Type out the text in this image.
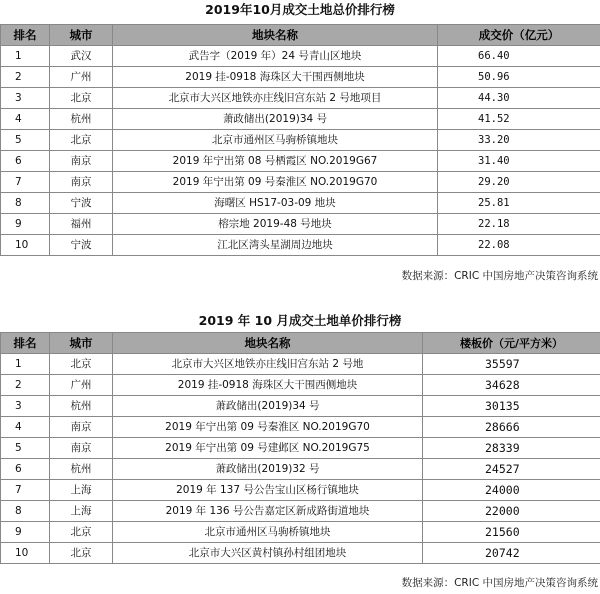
2019年10月成交土地总价排行榜
排名	城市	地块名称	成交价（亿元）
1	武汉	武告字（2019 年）24 号青山区地块	66.40
2	广州	2019 挂-0918 海珠区大干围西侧地块	50.96
3	北京	北京市大兴区地铁亦庄线旧宫东站 2 号地项目	44.30
4	杭州	萧政储出(2019)34 号	41.52
5	北京	北京市通州区马驹桥镇地块	33.20
6	南京	2019 年宁出第 08 号栖霞区 NO.2019G67	31.40
7	南京	2019 年宁出第 09 号秦淮区 NO.2019G70	29.20
8	宁波	海曙区 HS17-03-09 地块	25.81
9	福州	榕宗地 2019-48 号地块	22.18
10	宁波	江北区湾头星湖周边地块	22.08
数据来源：CRIC 中国房地产决策咨询系统
2019 年 10 月成交土地单价排行榜
排名	城市	地块名称	楼板价（元/平方米）
1	北京	北京市大兴区地铁亦庄线旧宫东站 2 号地	35597
2	广州	2019 挂-0918 海珠区大干围西侧地块	34628
3	杭州	萧政储出(2019)34 号	30135
4	南京	2019 年宁出第 09 号秦淮区 NO.2019G70	28666
5	南京	2019 年宁出第 09 号建邺区 NO.2019G75	28339
6	杭州	萧政储出(2019)32 号	24527
7	上海	2019 年 137 号公告宝山区杨行镇地块	24000
8	上海	2019 年 136 号公告嘉定区新成路街道地块	22000
9	北京	北京市通州区马驹桥镇地块	21560
10	北京	北京市大兴区黄村镇孙村组团地块	20742
数据来源：CRIC 中国房地产决策咨询系统
